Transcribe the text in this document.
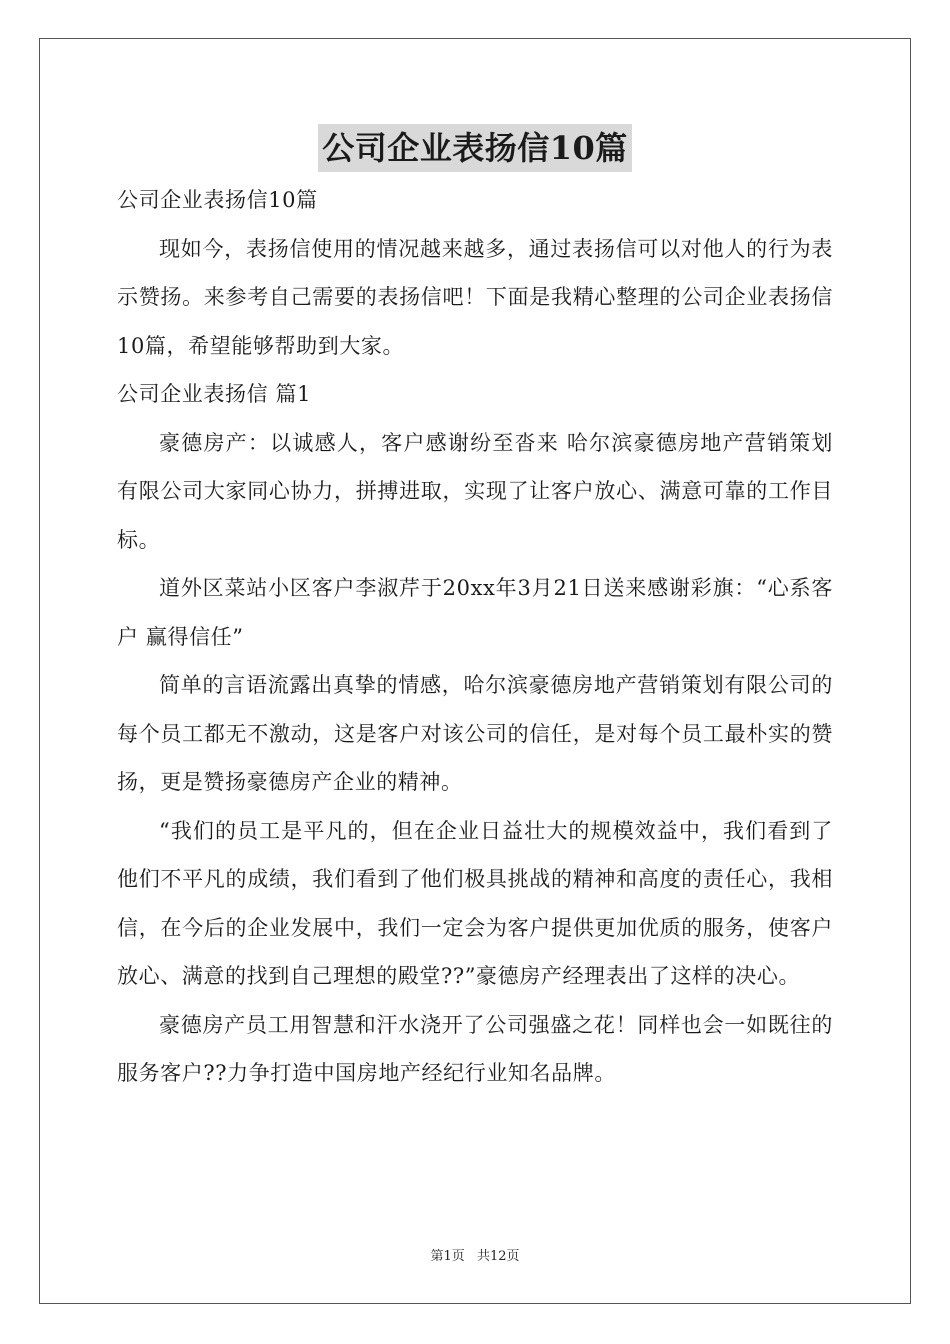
公司企业表扬信10篇

公司企业表扬信10篇

现如今，表扬信使用的情况越来越多，通过表扬信可以对他人的行为表示赞扬。来参考自己需要的表扬信吧！下面是我精心整理的公司企业表扬信10篇，希望能够帮助到大家。

公司企业表扬信 篇1

豪德房产：以诚感人，客户感谢纷至沓来 哈尔滨豪德房地产营销策划有限公司大家同心协力，拼搏进取，实现了让客户放心、满意可靠的工作目标。

道外区菜站小区客户李淑芹于20xx年3月21日送来感谢彩旗：“心系客户 赢得信任”

简单的言语流露出真挚的情感，哈尔滨豪德房地产营销策划有限公司的每个员工都无不激动，这是客户对该公司的信任，是对每个员工最朴实的赞扬，更是赞扬豪德房产企业的精神。

“我们的员工是平凡的，但在企业日益壮大的规模效益中，我们看到了他们不平凡的成绩，我们看到了他们极具挑战的精神和高度的责任心，我相信，在今后的企业发展中，我们一定会为客户提供更加优质的服务，使客户放心、满意的找到自己理想的殿堂??”豪德房产经理表出了这样的决心。

豪德房产员工用智慧和汗水浇开了公司强盛之花！同样也会一如既往的服务客户??力争打造中国房地产经纪行业知名品牌。

第1页 共12页
